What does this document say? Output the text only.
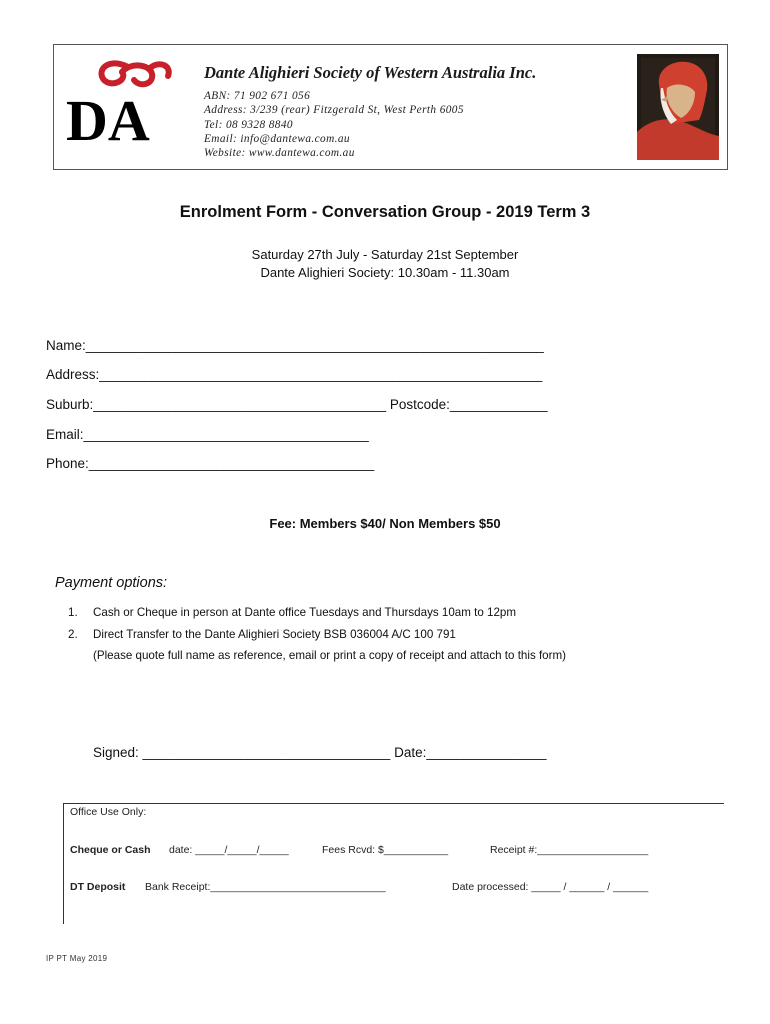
DA
Dante Alighieri Society of Western Australia Inc.
ABN: 71 902 671 056
Address: 3/239 (rear) Fitzgerald St, West Perth 6005
Tel: 08 9328 8840
Email: info@dantewa.com.au
Website: www.dantewa.com.au
Enrolment Form - Conversation Group - 2019 Term 3
Saturday 27th July - Saturday 21st September
Dante Alighieri Society: 10.30am - 11.30am
Name:_____________________________________________________________
Address:___________________________________________________________
Suburb:_______________________________________ Postcode:_____________
Email:______________________________________
Phone:______________________________________
Fee: Members $40/ Non Members $50
Payment options:
1. Cash or Cheque in person at Dante office Tuesdays and Thursdays 10am to 12pm
2. Direct Transfer to the Dante Alighieri Society BSB 036004 A/C 100 791
(Please quote full name as reference, email or print a copy of receipt and attach to this form)
Signed: _________________________________ Date:________________
Office Use Only:
Cheque or Cash date: _____/_____/_____	Fees Rcvd: $___________	Receipt #:___________________
DT Deposit Bank Receipt:______________________________	Date processed: _____ / ______ / ______
IP PT May 2019
